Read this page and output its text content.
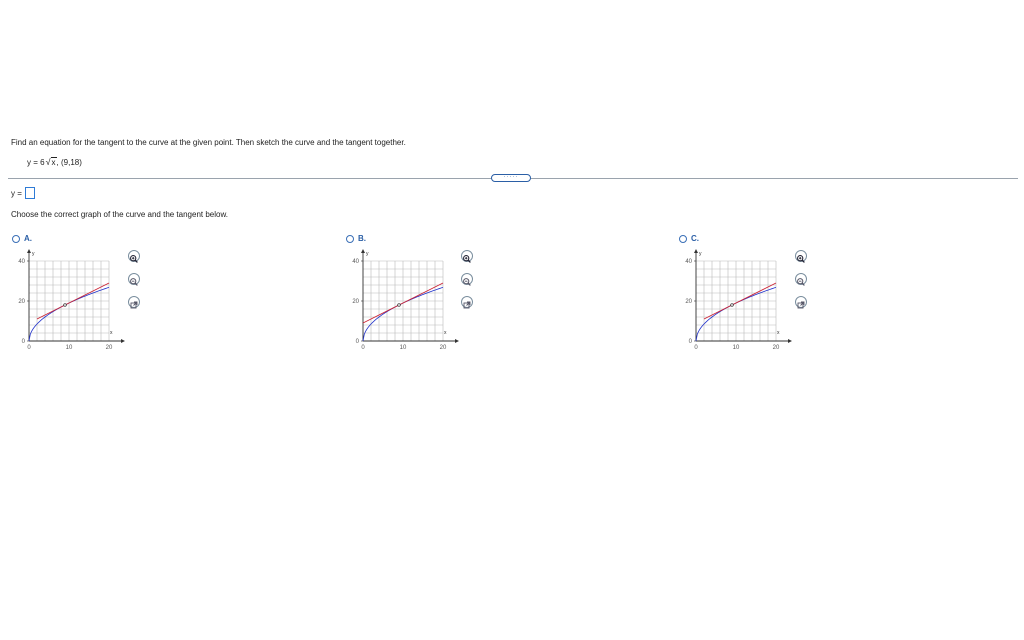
Find an equation for the tangent to the curve at the given point. Then sketch the curve and the tangent together.
y = 6√x, (9,18)
·····
y =
Choose the correct graph of the curve and the tangent below.
A.
y
x
40
20
0
0	10	20
B.
y
x
40
20
0
0	10	20
C.
y
x
40
20
0
0	10	20
